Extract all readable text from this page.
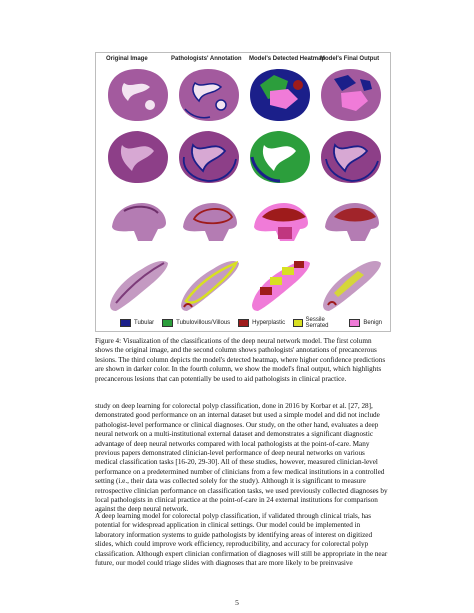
Original Image	Pathologists' Annotation Model's Detected Heatmap
Model's Final Output
Tubular	Tubulovillous/Villous	Hyperplastic	Sessile Serrated	Benign

Figure 4: Visualization of the classifications of the deep neural network model. The first column shows the original image, and the second column shows pathologists' annotations of precancerous lesions. The third column depicts the model's detected heatmap, where higher confidence predictions are shown in darker color. In the fourth column, we show the model's final output, which highlights precancerous lesions that can potentially be used to aid pathologists in clinical practice.

study on deep learning for colorectal polyp classification, done in 2016 by Korbar et al. [27, 28], demonstrated good performance on an internal dataset but used a simple model and did not include pathologist-level performance or clinical diagnoses. Our study, on the other hand, evaluates a deep neural network on a multi-institutional external dataset and demonstrates a significant diagnostic advantage of deep neural networks compared with local pathologists at the point-of-care. Many previous papers demonstrated clinician-level performance of deep neural networks on various medical classification tasks [16-20, 29-30]. All of these studies, however, measured clinician-level performance on a predetermined number of clinicians from a few medical institutions in a controlled setting (i.e., their data was collected solely for the study). Although it is significant to measure retrospective clinician performance on classification tasks, we used previously collected diagnoses by local pathologists in clinical practice at the point-of-care in 24 external institutions for comparison against the deep neural network.

A deep learning model for colorectal polyp classification, if validated through clinical trials, has potential for widespread application in clinical settings. Our model could be implemented in laboratory information systems to guide pathologists by identifying areas of interest on digitized slides, which could improve work efficiency, reproducibility, and accuracy for colorectal polyp classification. Although expert clinician confirmation of diagnoses will still be appropriate in the near future, our model could triage slides with diagnoses that are more likely to be preinvasive

5
